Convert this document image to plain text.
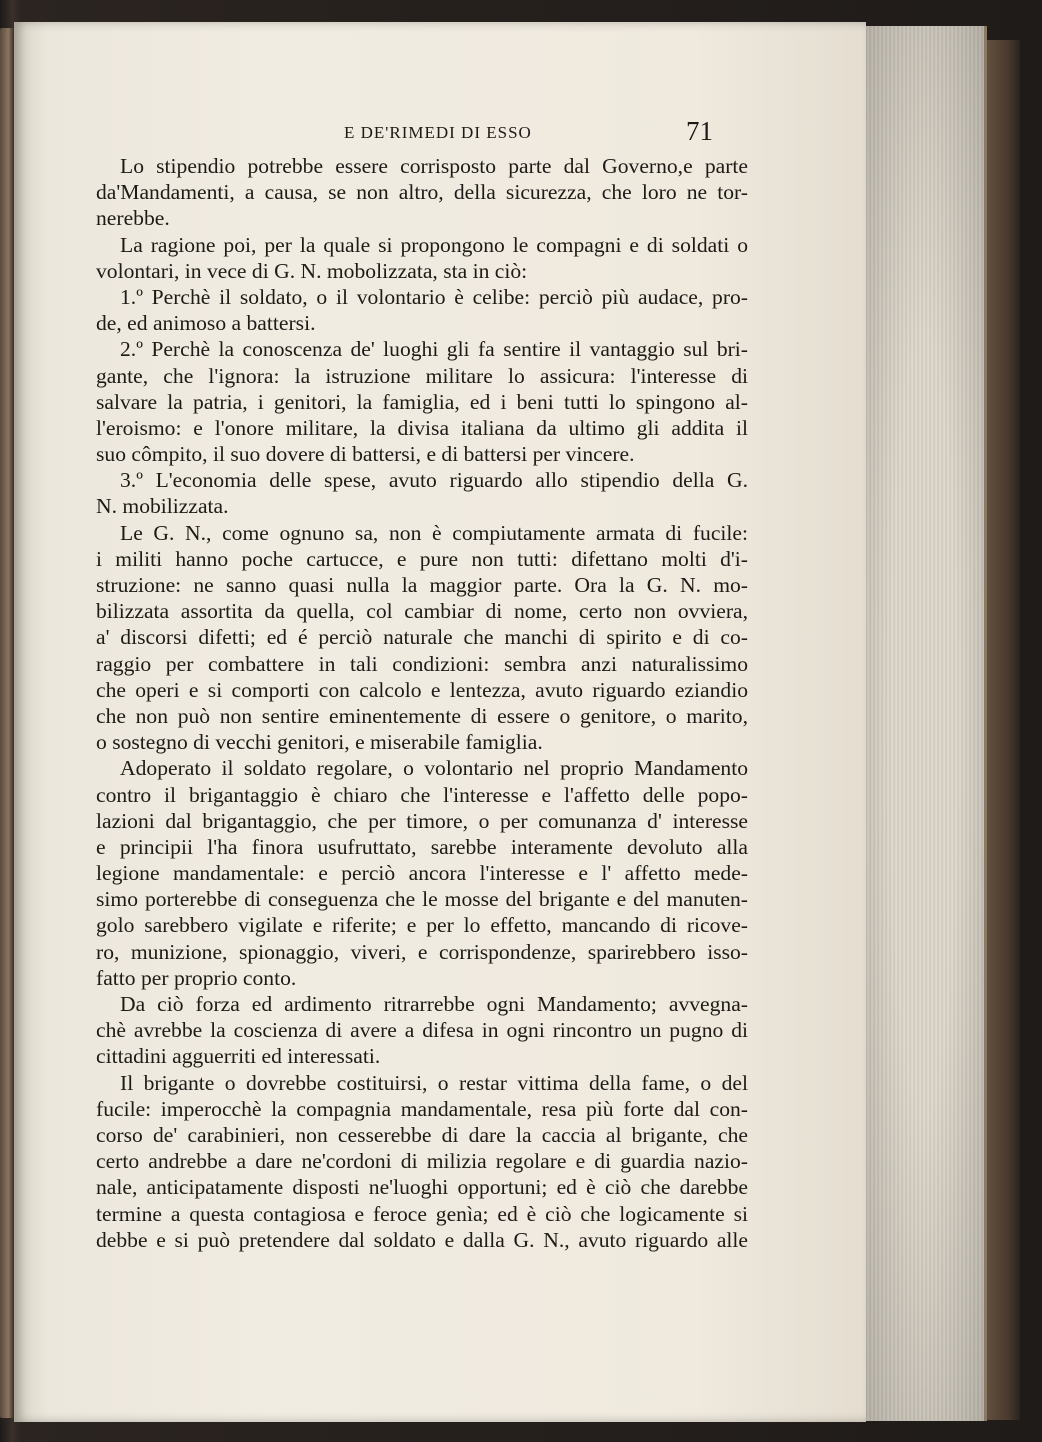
E DE'RIMEDI DI ESSO	71
Lo stipendio potrebbe essere corrisposto parte dal Governo,e parte
da'Mandamenti, a causa, se non altro, della sicurezza, che loro ne tor-
nerebbe.
La ragione poi, per la quale si propongono le compagni e di soldati o
volontari, in vece di G. N. mobolizzata, sta in ciò:
1.º Perchè il soldato, o il volontario è celibe: perciò più audace, pro-
de, ed animoso a battersi.
2.º Perchè la conoscenza de' luoghi gli fa sentire il vantaggio sul bri-
gante, che l'ignora: la istruzione militare lo assicura: l'interesse di
salvare la patria, i genitori, la famiglia, ed i beni tutti lo spingono al-
l'eroismo: e l'onore militare, la divisa italiana da ultimo gli addita il
suo cômpito, il suo dovere di battersi, e di battersi per vincere.
3.º L'economia delle spese, avuto riguardo allo stipendio della G.
N. mobilizzata.
Le G. N., come ognuno sa, non è compiutamente armata di fucile:
i militi hanno poche cartucce, e pure non tutti: difettano molti d'i-
struzione: ne sanno quasi nulla la maggior parte. Ora la G. N. mo-
bilizzata assortita da quella, col cambiar di nome, certo non ovviera,
a' discorsi difetti; ed é perciò naturale che manchi di spirito e di co-
raggio per combattere in tali condizioni: sembra anzi naturalissimo
che operi e si comporti con calcolo e lentezza, avuto riguardo eziandio
che non può non sentire eminentemente di essere o genitore, o marito,
o sostegno di vecchi genitori, e miserabile famiglia.
Adoperato il soldato regolare, o volontario nel proprio Mandamento
contro il brigantaggio è chiaro che l'interesse e l'affetto delle popo-
lazioni dal brigantaggio, che per timore, o per comunanza d' interesse
e principii l'ha finora usufruttato, sarebbe interamente devoluto alla
legione mandamentale: e perciò ancora l'interesse e l' affetto mede-
simo porterebbe di conseguenza che le mosse del brigante e del manuten-
golo sarebbero vigilate e riferite; e per lo effetto, mancando di ricove-
ro, munizione, spionaggio, viveri, e corrispondenze, sparirebbero isso-
fatto per proprio conto.
Da ciò forza ed ardimento ritrarrebbe ogni Mandamento; avvegna-
chè avrebbe la coscienza di avere a difesa in ogni rincontro un pugno di
cittadini agguerriti ed interessati.
Il brigante o dovrebbe costituirsi, o restar vittima della fame, o del
fucile: imperocchè la compagnia mandamentale, resa più forte dal con-
corso de' carabinieri, non cesserebbe di dare la caccia al brigante, che
certo andrebbe a dare ne'cordoni di milizia regolare e di guardia nazio-
nale, anticipatamente disposti ne'luoghi opportuni; ed è ciò che darebbe
termine a questa contagiosa e feroce genìa; ed è ciò che logicamente si
debbe e si può pretendere dal soldato e dalla G. N., avuto riguardo alle
